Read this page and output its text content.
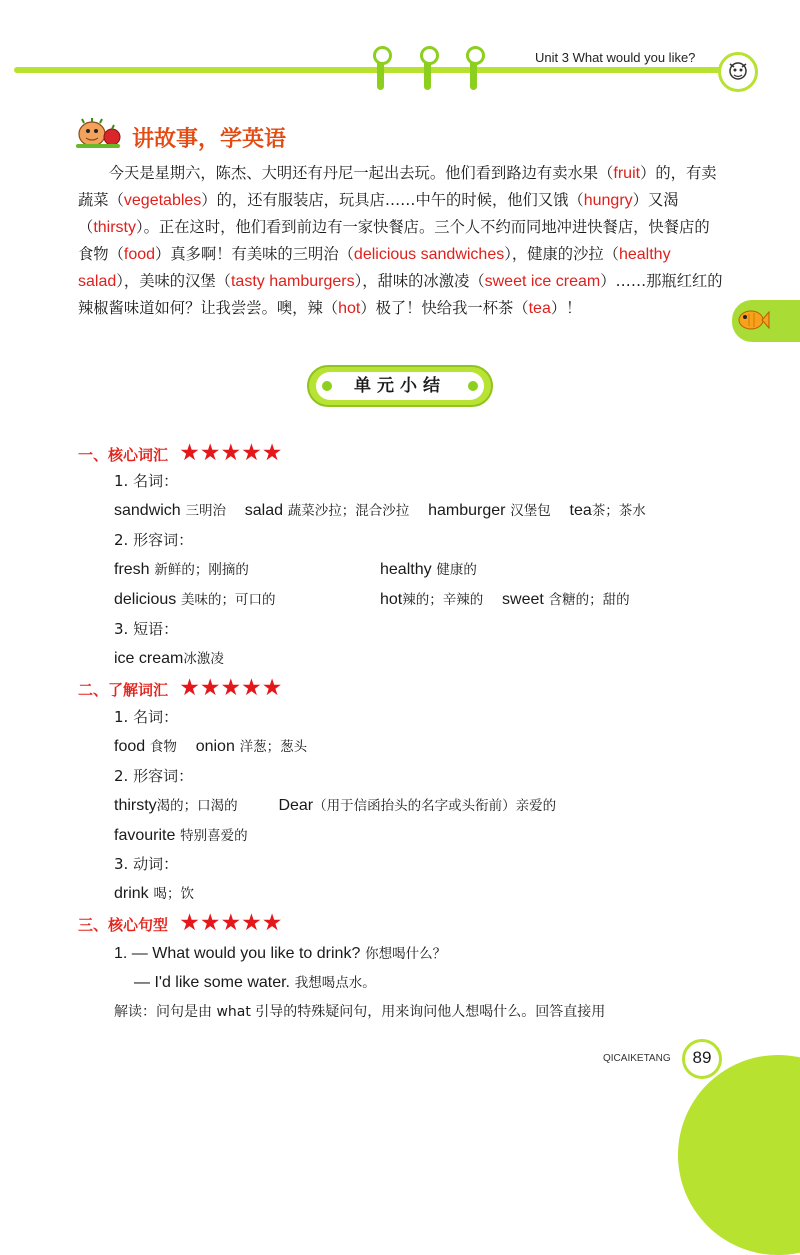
Unit 3 What would you like?
讲故事，学英语
今天是星期六，陈杰、大明还有丹尼一起出去玩。他们看到路边有卖水果（fruit）的，有卖蔬菜（vegetables）的，还有服装店，玩具店……中午的时候，他们又饿（hungry）又渴（thirsty）。正在这时，他们看到前边有一家快餐店。三个人不约而同地冲进快餐店，快餐店的食物（food）真多啊！有美味的三明治（delicious sandwiches），健康的沙拉（healthy salad），美味的汉堡（tasty hamburgers），甜味的冰激凌（sweet ice cream）……那瓶红红的辣椒酱味道如何？让我尝尝。噢，辣（hot）极了！快给我一杯茶（tea）！
单元小结
一、核心词汇 ★★★★★
1. 名词：
sandwich 三明治 salad 蔬菜沙拉；混合沙拉 hamburger 汉堡包 tea茶；茶水
2. 形容词：
fresh 新鲜的；刚摘的	healthy 健康的
delicious 美味的；可口的	hot辣的；辛辣的 sweet 含糖的；甜的
3. 短语：
ice cream冰激凌
二、了解词汇 ★★★★★
1. 名词：
food 食物 onion 洋葱；葱头
2. 形容词：
thirsty渴的；口渴的	Dear（用于信函抬头的名字或头衔前）亲爱的
favourite 特别喜爱的
3. 动词：
drink 喝；饮
三、核心句型 ★★★★★
1. — What would you like to drink? 你想喝什么？
— I'd like some water. 我想喝点水。
解读：问句是由 what 引导的特殊疑问句，用来询问他人想喝什么。回答直接用
89
QICAIKETANG
